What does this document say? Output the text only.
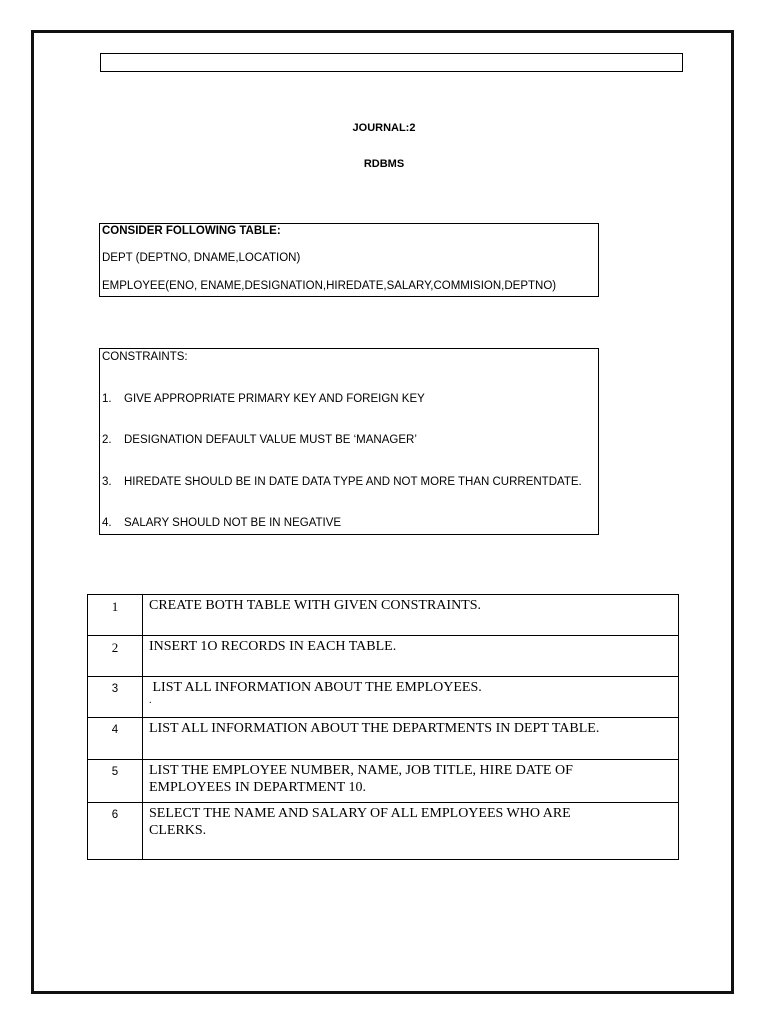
JOURNAL:2
RDBMS
CONSIDER FOLLOWING TABLE:
DEPT (DEPTNO, DNAME,LOCATION)
EMPLOYEE(ENO, ENAME,DESIGNATION,HIREDATE,SALARY,COMMISION,DEPTNO)
CONSTRAINTS:
1. GIVE APPROPRIATE PRIMARY KEY AND FOREIGN KEY
2. DESIGNATION DEFAULT VALUE MUST BE ‘MANAGER’
3. HIREDATE SHOULD BE IN DATE DATA TYPE AND NOT MORE THAN CURRENTDATE.
4. SALARY SHOULD NOT BE IN NEGATIVE
1	CREATE BOTH TABLE WITH GIVEN CONSTRAINTS.
2	INSERT 1O RECORDS IN EACH TABLE.
3	LIST ALL INFORMATION ABOUT THE EMPLOYEES.
.

4	LIST ALL INFORMATION ABOUT THE DEPARTMENTS IN DEPT TABLE.
5	LIST THE EMPLOYEE NUMBER, NAME, JOB TITLE, HIRE DATE OF
EMPLOYEES IN DEPARTMENT 10.

6	SELECT THE NAME AND SALARY OF ALL EMPLOYEES WHO ARE
CLERKS.
